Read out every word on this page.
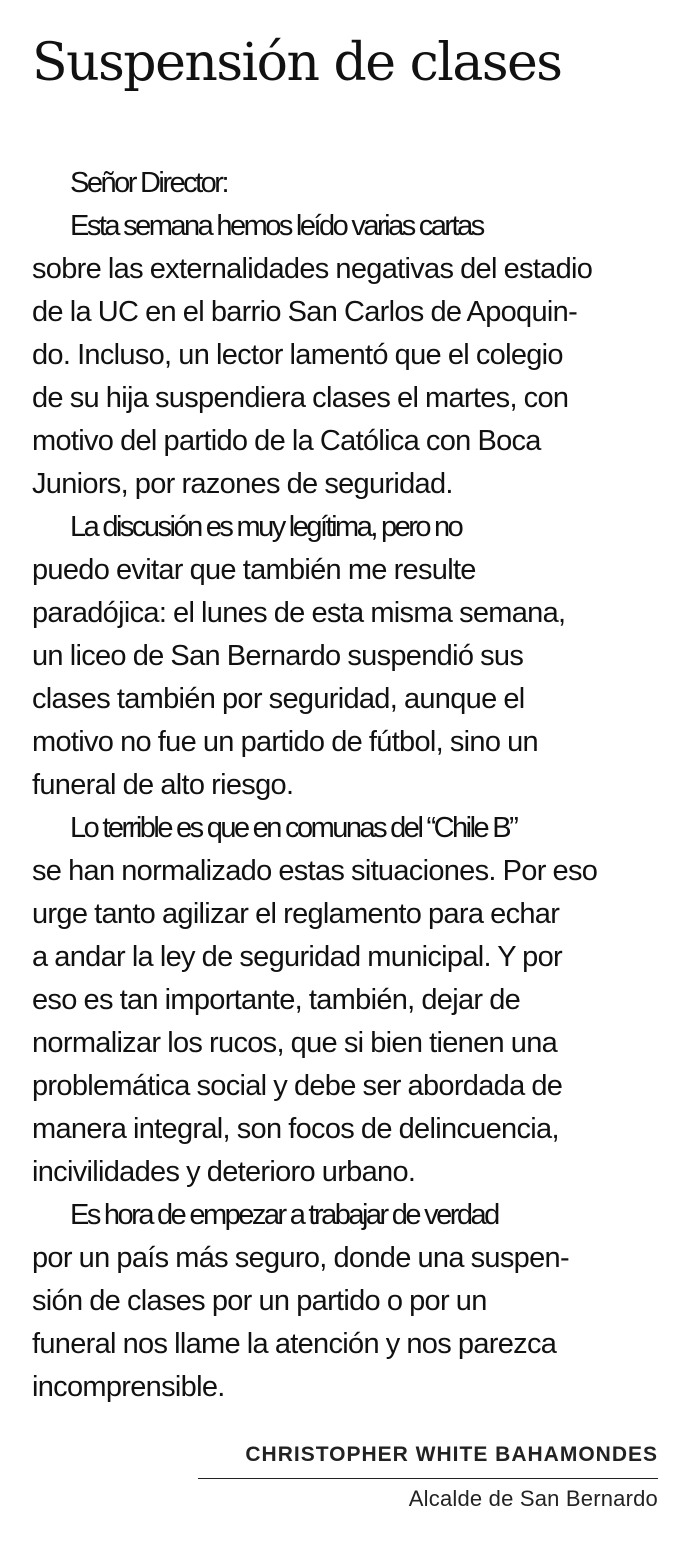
Suspensión de clases
Señor Director:
Esta semana hemos leído varias cartas
sobre las externalidades negativas del estadio
de la UC en el barrio San Carlos de Apoquin-
do. Incluso, un lector lamentó que el colegio
de su hija suspendiera clases el martes, con
motivo del partido de la Católica con Boca
Juniors, por razones de seguridad.
La discusión es muy legítima, pero no
puedo evitar que también me resulte
paradójica: el lunes de esta misma semana,
un liceo de San Bernardo suspendió sus
clases también por seguridad, aunque el
motivo no fue un partido de fútbol, sino un
funeral de alto riesgo.
Lo terrible es que en comunas del “Chile B”
se han normalizado estas situaciones. Por eso
urge tanto agilizar el reglamento para echar
a andar la ley de seguridad municipal. Y por
eso es tan importante, también, dejar de
normalizar los rucos, que si bien tienen una
problemática social y debe ser abordada de
manera integral, son focos de delincuencia,
incivilidades y deterioro urbano.
Es hora de empezar a trabajar de verdad
por un país más seguro, donde una suspen-
sión de clases por un partido o por un
funeral nos llame la atención y nos parezca
incomprensible.
CHRISTOPHER WHITE BAHAMONDES
Alcalde de San Bernardo
